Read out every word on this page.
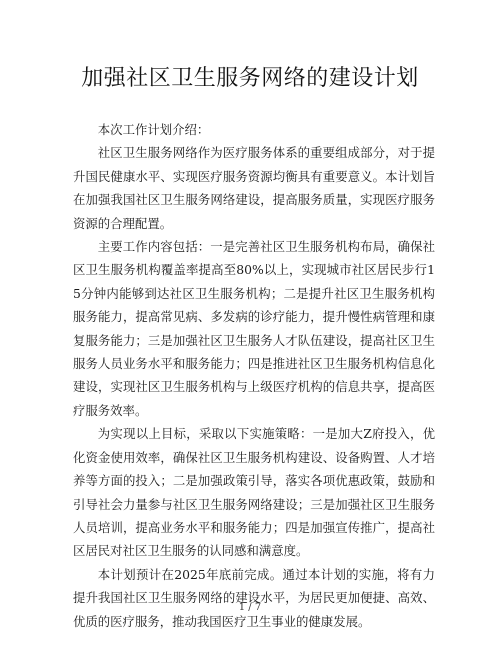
加强社区卫生服务网络的建设计划

本次工作计划介绍：

社区卫生服务网络作为医疗服务体系的重要组成部分，对于提升国民健康水平、实现医疗服务资源均衡具有重要意义。本计划旨在加强我国社区卫生服务网络建设，提高服务质量，实现医疗服务资源的合理配置。

主要工作内容包括：一是完善社区卫生服务机构布局，确保社区卫生服务机构覆盖率提高至80%以上，实现城市社区居民步行15分钟内能够到达社区卫生服务机构；二是提升社区卫生服务机构服务能力，提高常见病、多发病的诊疗能力，提升慢性病管理和康复服务能力；三是加强社区卫生服务人才队伍建设，提高社区卫生服务人员业务水平和服务能力；四是推进社区卫生服务机构信息化建设，实现社区卫生服务机构与上级医疗机构的信息共享，提高医疗服务效率。

为实现以上目标，采取以下实施策略：一是加大Z府投入，优化资金使用效率，确保社区卫生服务机构建设、设备购置、人才培养等方面的投入；二是加强政策引导，落实各项优惠政策，鼓励和引导社会力量参与社区卫生服务网络建设；三是加强社区卫生服务人员培训，提高业务水平和服务能力；四是加强宣传推广，提高社区居民对社区卫生服务的认同感和满意度。

本计划预计在2025年底前完成。通过本计划的实施，将有力提升我国社区卫生服务网络的建设水平，为居民更加便捷、高效、优质的医疗服务，推动我国医疗卫生事业的健康发展。

1 / 7
